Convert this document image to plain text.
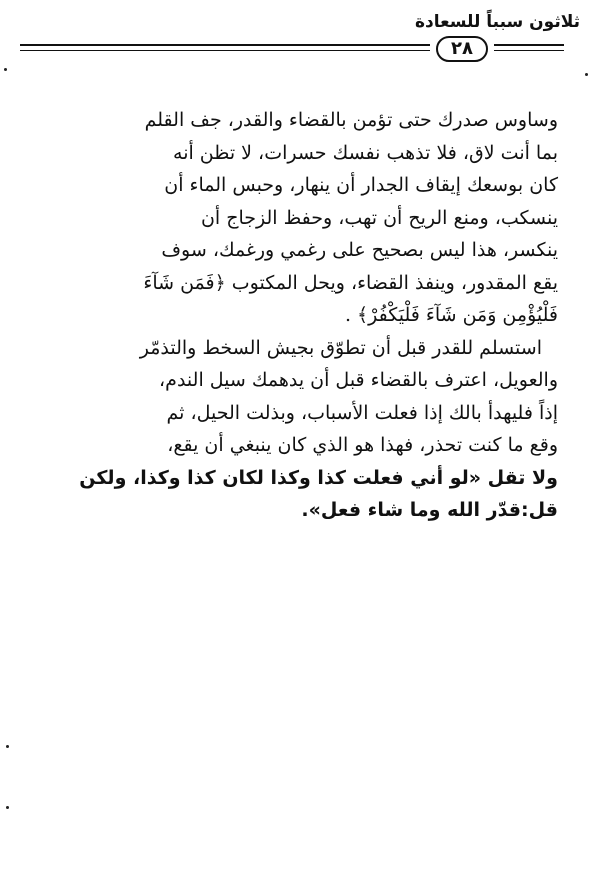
ثلاثون سبباً للسعادة
٢٨
وساوس صدرك حتى تؤمن بالقضاء والقدر، جف القلم
بما أنت لاق، فلا تذهب نفسك حسرات، لا تظن أنه
كان بوسعك إيقاف الجدار أن ينهار، وحبس الماء أن
ينسكب، ومنع الريح أن تهب، وحفظ الزجاج أن
ينكسر، هذا ليس بصحيح على رغمي ورغمك، سوف
يقع المقدور، وينفذ القضاء، ويحل المكتوب ﴿فَمَن شَآءَ
فَلْيُؤْمِن وَمَن شَآءَ فَلْيَكْفُرْ﴾ .
استسلم للقدر قبل أن تطوّق بجيش السخط والتذمّر
والعويل، اعترف بالقضاء قبل أن يدهمك سيل الندم،
إذاً فليهدأ بالك إذا فعلت الأسباب، وبذلت الحيل، ثم
وقع ما كنت تحذر، فهذا هو الذي كان ينبغي أن يقع،
ولا تقل «لو أني فعلت كذا وكذا لكان كذا وكذا، ولكن
قل:قدّر الله وما شاء فعل».
